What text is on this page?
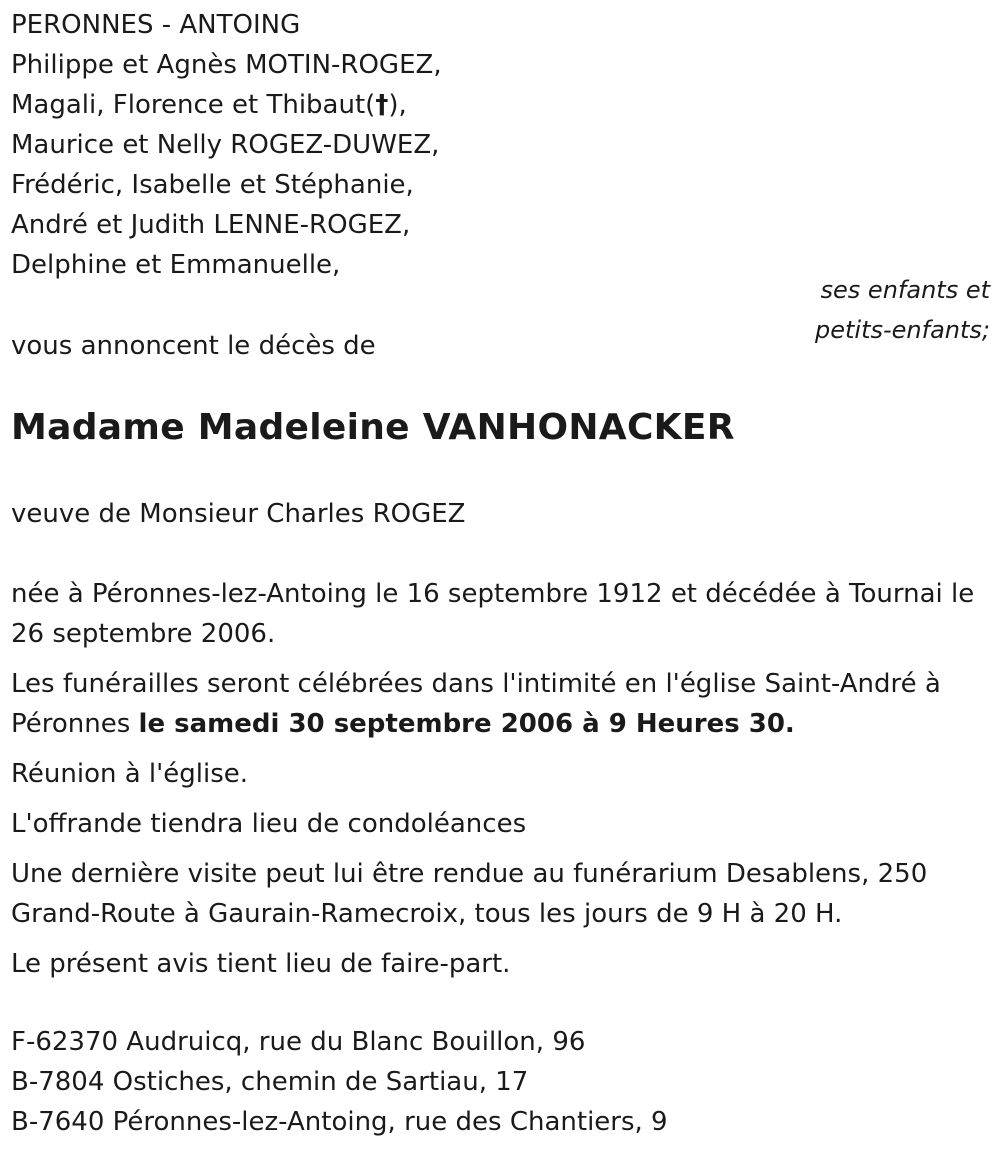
PERONNES - ANTOING
Philippe et Agnès MOTIN-ROGEZ,
Magali, Florence et Thibaut(†),
Maurice et Nelly ROGEZ-DUWEZ,
Frédéric, Isabelle et Stéphanie,
André et Judith LENNE-ROGEZ,
Delphine et Emmanuelle,
ses enfants et
petits-enfants;
vous annoncent le décès de
Madame Madeleine VANHONACKER
veuve de Monsieur Charles ROGEZ

née à Péronnes-lez-Antoing le 16 septembre 1912 et décédée à Tournai le 26 septembre 2006.

Les funérailles seront célébrées dans l'intimité en l'église Saint-André à Péronnes le samedi 30 septembre 2006 à 9 Heures 30.

Réunion à l'église.

L'offrande tiendra lieu de condoléances

Une dernière visite peut lui être rendue au funérarium Desablens, 250 Grand-Route à Gaurain-Ramecroix, tous les jours de 9 H à 20 H.

Le présent avis tient lieu de faire-part.

F-62370 Audruicq, rue du Blanc Bouillon, 96
B-7804 Ostiches, chemin de Sartiau, 17
B-7640 Péronnes-lez-Antoing, rue des Chantiers, 9
